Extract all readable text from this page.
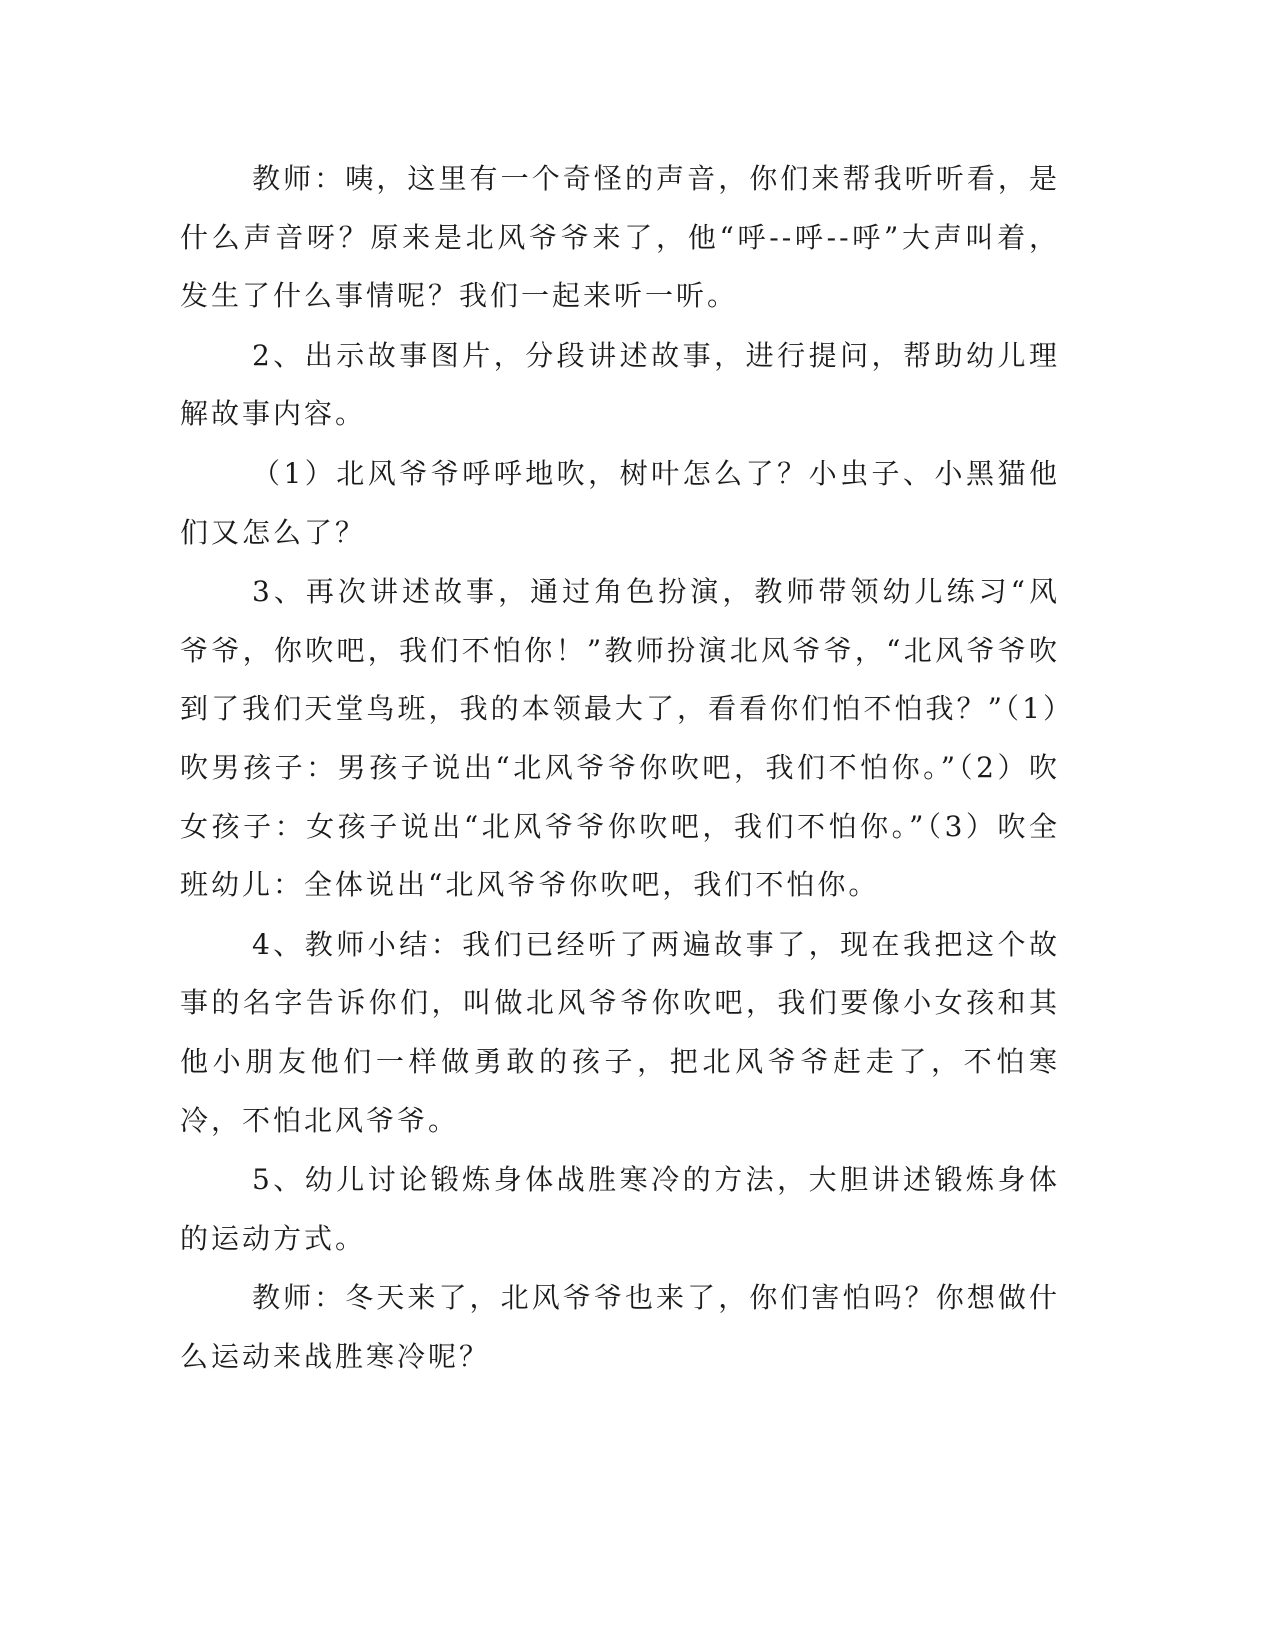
教师：咦，这里有一个奇怪的声音，你们来帮我听听看，是什么声音呀？原来是北风爷爷来了，他“呼--呼--呼”大声叫着，发生了什么事情呢？我们一起来听一听。

2、出示故事图片，分段讲述故事，进行提问，帮助幼儿理解故事内容。

（1）北风爷爷呼呼地吹，树叶怎么了？小虫子、小黑猫他们又怎么了？

3、再次讲述故事，通过角色扮演，教师带领幼儿练习“风爷爷，你吹吧，我们不怕你！”教师扮演北风爷爷，“北风爷爷吹到了我们天堂鸟班，我的本领最大了，看看你们怕不怕我？”（1）吹男孩子：男孩子说出“北风爷爷你吹吧，我们不怕你。”（2）吹女孩子：女孩子说出“北风爷爷你吹吧，我们不怕你。”（3）吹全班幼儿：全体说出“北风爷爷你吹吧，我们不怕你。

4、教师小结：我们已经听了两遍故事了，现在我把这个故事的名字告诉你们，叫做北风爷爷你吹吧，我们要像小女孩和其他小朋友他们一样做勇敢的孩子，把北风爷爷赶走了，不怕寒冷，不怕北风爷爷。

5、幼儿讨论锻炼身体战胜寒冷的方法，大胆讲述锻炼身体的运动方式。

教师：冬天来了，北风爷爷也来了，你们害怕吗？你想做什么运动来战胜寒冷呢？
